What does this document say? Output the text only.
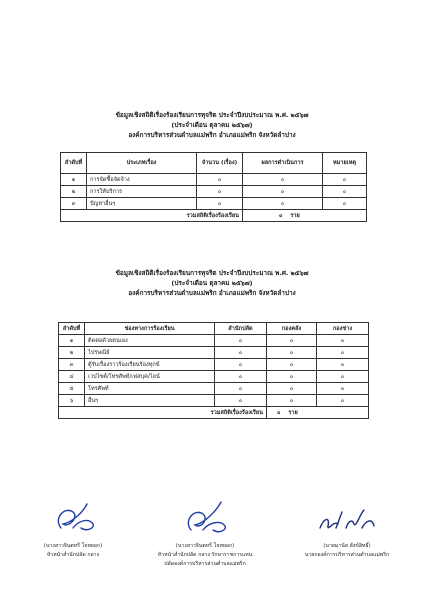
ข้อมูลเชิงสถิติเรื่องร้องเรียนการทุจริต ประจำปีงบประมาณ พ.ศ. ๒๕๖๗
(ประจำเดือน ตุลาคม ๒๕๖๗)
องค์การบริหารส่วนตำบลแม่พริก อำเภอแม่พริก จังหวัดลำปาง
ลำดับที่	ประเภทเรื่อง	จำนวน (เรื่อง)	ผลการดำเนินการ	หมายเหตุ
๑	การจัดซื้อจัดจ้าง	๐	๐	๐
๒	การให้บริการ	๐	๐	๐
๓	ปัญหาอื่นๆ	๐	๐	๐
รวมสถิติเรื่องร้องเรียน			๐ ราย	
ข้อมูลเชิงสถิติเรื่องร้องเรียนการทุจริต ประจำปีงบประมาณ พ.ศ. ๒๕๖๗
(ประจำเดือน ตุลาคม ๒๕๖๗)
องค์การบริหารส่วนตำบลแม่พริก อำเภอแม่พริก จังหวัดลำปาง
ลำดับที่	ช่องทางการร้องเรียน	สำนักปลัด	กองคลัง	กองช่าง
๑	ติดต่อด้วยตนเอง	๐	๐	๐
๒	ไปรษณีย์	๐	๐	๐
๓	ตู้รับเรื่องราวร้องเรียนร้องทุกข์	๐	๐	๐
๔	เวปไซต์/โทรศัพท์/เฟสบุค/ไลน์	๐	๐	๐
๕	โทรศัพท์	๐	๐	๐
๖	อื่นๆ	๐	๐	๐
รวมสถิติเรื่องร้องเรียน			๐ ราย	
(นางสาวจินตหรี โจทยอก)
หัวหน้าสำนักปลัด กลาง
(นางสาวจินตหรี โจทยอก)
หัวหน้าสำนักปลัด กลาง รักษาราชการแทน
ปลัดองค์การบริหารส่วนตำบลแม่พริก
(นายมานัส สังข์สิทธิ์)
นายกองค์การบริหารส่วนตำบลแม่พริก
